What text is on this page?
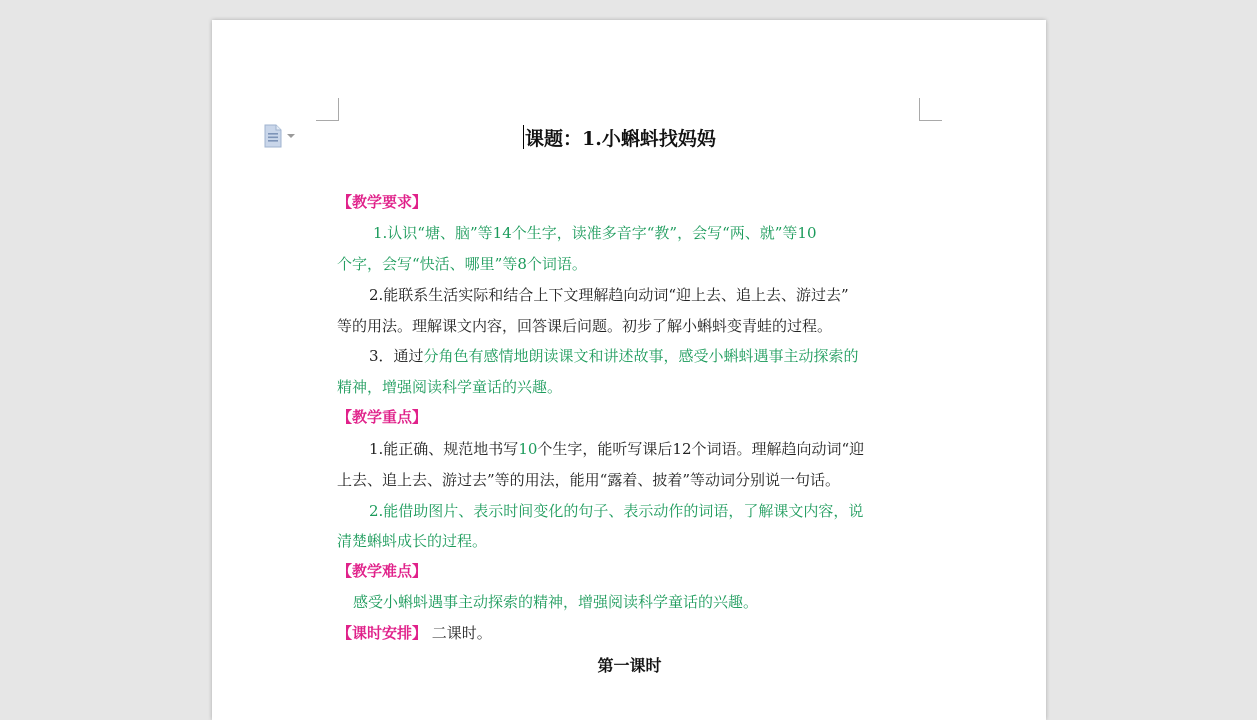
课题：1.小蝌蚪找妈妈
【教学要求】
1.认识“塘、脑”等14个生字，读准多音字“教”，会写“两、就”等10
个字，会写“快活、哪里”等8个词语。
2.能联系生活实际和结合上下文理解趋向动词“迎上去、追上去、游过去”
等的用法。理解课文内容，回答课后问题。初步了解小蝌蚪变青蛙的过程。
3．通过分角色有感情地朗读课文和讲述故事，感受小蝌蚪遇事主动探索的
精神，增强阅读科学童话的兴趣。
【教学重点】
1.能正确、规范地书写10个生字，能听写课后12个词语。理解趋向动词“迎
上去、追上去、游过去”等的用法，能用“露着、披着”等动词分别说一句话。
2.能借助图片、表示时间变化的句子、表示动作的词语，了解课文内容，说
清楚蝌蚪成长的过程。
【教学难点】
感受小蝌蚪遇事主动探索的精神，增强阅读科学童话的兴趣。
【课时安排】 二课时。
第一课时
